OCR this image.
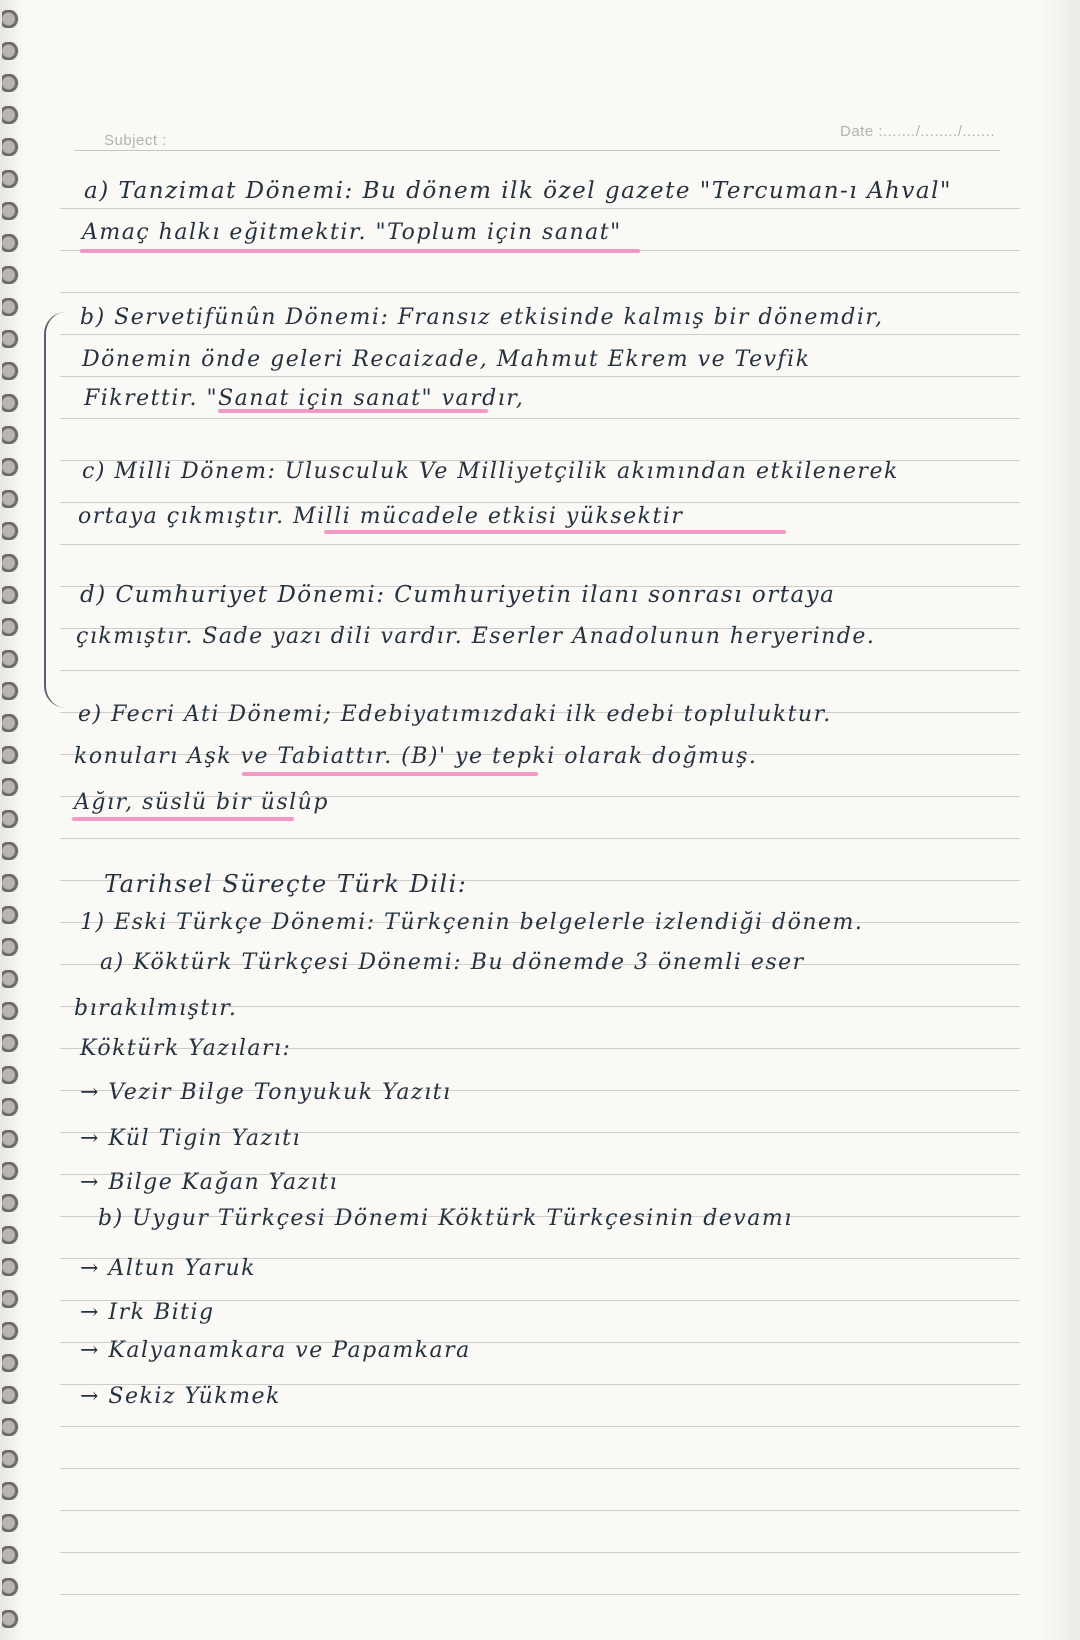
Subject :
Date :......./......../.......
a) Tanzimat Dönemi: Bu dönem ilk özel gazete "Tercuman-ı Ahval"
Amaç halkı eğitmektir. "Toplum için sanat"
b) Servetifünûn Dönemi: Fransız etkisinde kalmış bir dönemdir,
Dönemin önde geleri Recaizade, Mahmut Ekrem ve Tevfik
Fikrettir. "Sanat için sanat" vardır,
c) Milli Dönem: Ulusculuk Ve Milliyetçilik akımından etkilenerek
ortaya çıkmıştır. Milli mücadele etkisi yüksektir
d) Cumhuriyet Dönemi: Cumhuriyetin ilanı sonrası ortaya
çıkmıştır. Sade yazı dili vardır. Eserler Anadolunun heryerinde.
e) Fecri Ati Dönemi; Edebiyatımızdaki ilk edebi topluluktur.
konuları Aşk ve Tabiattır. (B)' ye tepki olarak doğmuş.
Ağır, süslü bir üslûp
Tarihsel Süreçte Türk Dili:
1) Eski Türkçe Dönemi: Türkçenin belgelerle izlendiği dönem.
a) Köktürk Türkçesi Dönemi: Bu dönemde 3 önemli eser
bırakılmıştır.
Köktürk Yazıları:
→ Vezir Bilge Tonyukuk Yazıtı
→ Kül Tigin Yazıtı
→ Bilge Kağan Yazıtı
b) Uygur Türkçesi Dönemi Köktürk Türkçesinin devamı
→ Altun Yaruk
→ Irk Bitig
→ Kalyanamkara ve Papamkara
→ Sekiz Yükmek
